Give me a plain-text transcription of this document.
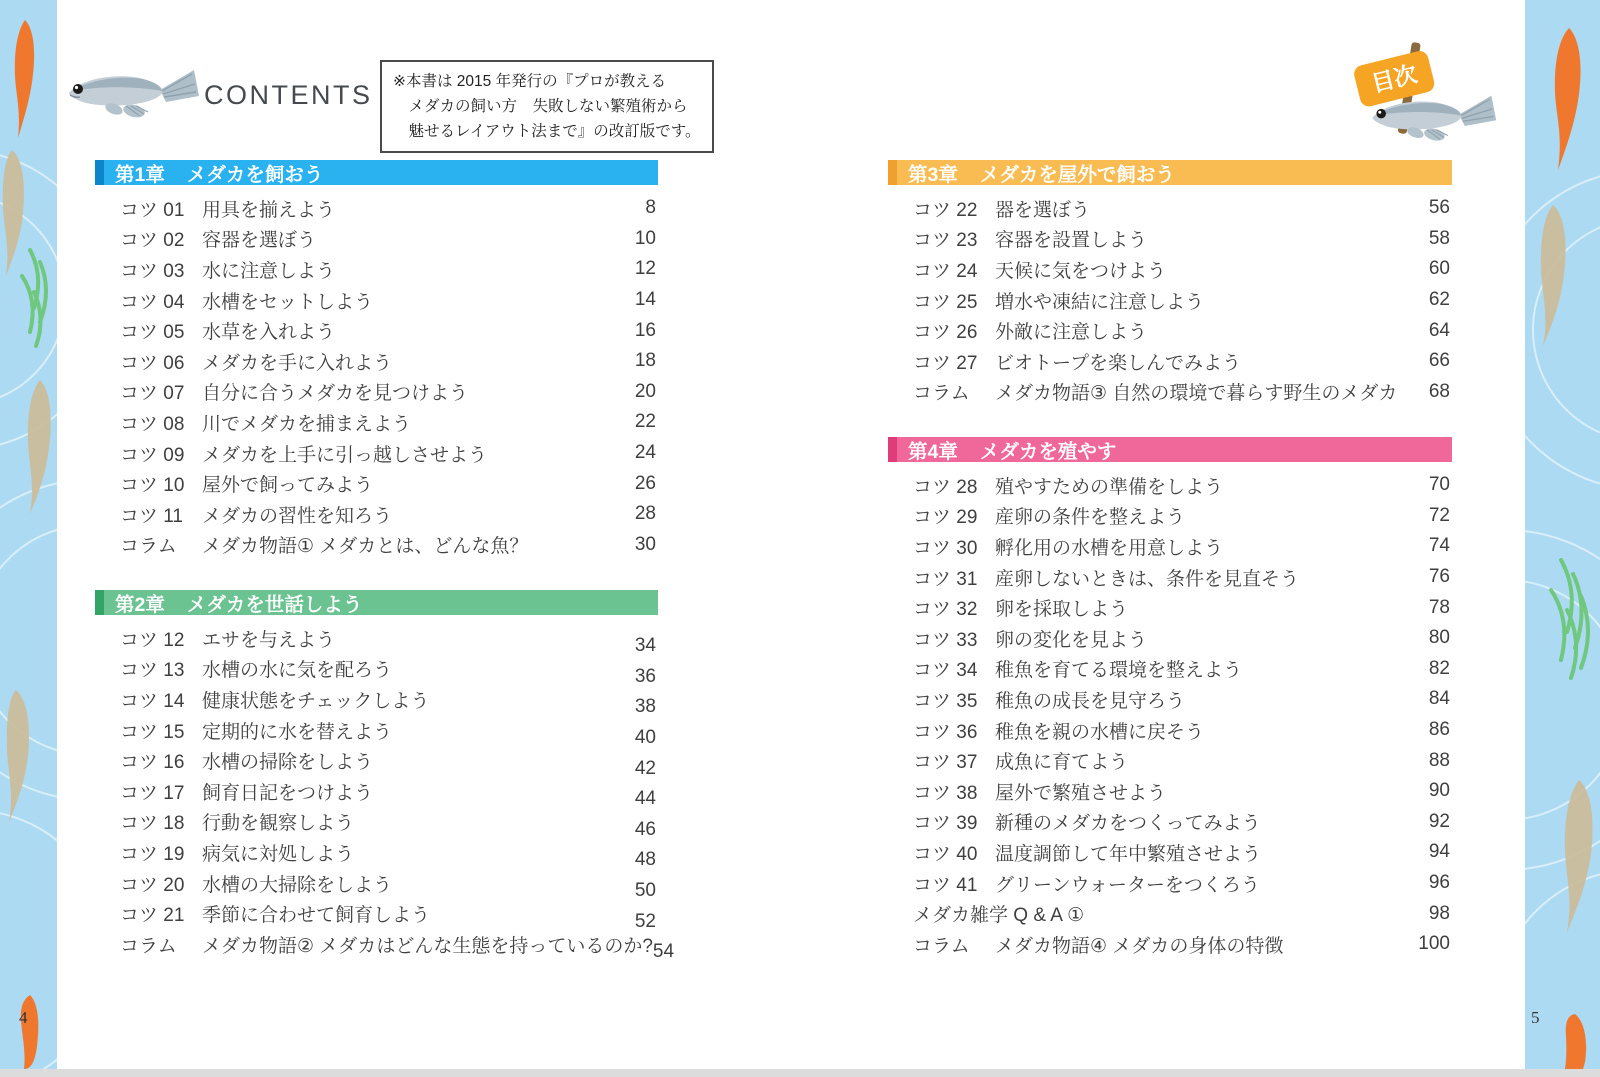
CONTENTS ※本書は 2015 年発行の『プロが教える
メダカの飼い方　失敗しない繁殖術から
魅せるレイアウト法まで』の改訂版です。
目次
第1章 メダカを飼おう
コツ 01 用具を揃えよう	8
コツ 02 容器を選ぼう	10
コツ 03 水に注意しよう	12
コツ 04 水槽をセットしよう	14
コツ 05 水草を入れよう	16
コツ 06 メダカを手に入れよう	18
コツ 07 自分に合うメダカを見つけよう	20
コツ 08 川でメダカを捕まえよう	22
コツ 09 メダカを上手に引っ越しさせよう	24
コツ 10 屋外で飼ってみよう	26
コツ 11 メダカの習性を知ろう	28
コラム	メダカ物語① メダカとは、どんな魚？	30
第2章 メダカを世話しよう
コツ 12 エサを与えよう	34
コツ 13 水槽の水に気を配ろう	36
コツ 14 健康状態をチェックしよう	38
コツ 15 定期的に水を替えよう	40
コツ 16 水槽の掃除をしよう	42
コツ 17 飼育日記をつけよう	44
コツ 18 行動を観察しよう	46
コツ 19 病気に対処しよう	48
コツ 20 水槽の大掃除をしよう	50
コツ 21 季節に合わせて飼育しよう	52
コラム	メダカ物語② メダカはどんな生態を持っているのか? 54
第3章 メダカを屋外で飼おう
コツ 22 器を選ぼう	56
コツ 23 容器を設置しよう	58
コツ 24 天候に気をつけよう	60
コツ 25 増水や凍結に注意しよう	62
コツ 26 外敵に注意しよう	64
コツ 27 ビオトープを楽しんでみよう	66
コラム	メダカ物語③ 自然の環境で暮らす野生のメダカ 68
第4章 メダカを殖やす
コツ 28 殖やすための準備をしよう	70
コツ 29 産卵の条件を整えよう	72
コツ 30 孵化用の水槽を用意しよう	74
コツ 31 産卵しないときは、条件を見直そう	76
コツ 32 卵を採取しよう	78
コツ 33 卵の変化を見よう	80
コツ 34 稚魚を育てる環境を整えよう	82
コツ 35 稚魚の成長を見守ろう	84
コツ 36 稚魚を親の水槽に戻そう	86
コツ 37 成魚に育てよう	88
コツ 38 屋外で繁殖させよう	90
コツ 39 新種のメダカをつくってみよう	92
コツ 40 温度調節して年中繁殖させよう	94
コツ 41 グリーンウォーターをつくろう	96
メダカ雑学 Q & A ①	98
コラム	メダカ物語④ メダカの身体の特徴	100
4	5
